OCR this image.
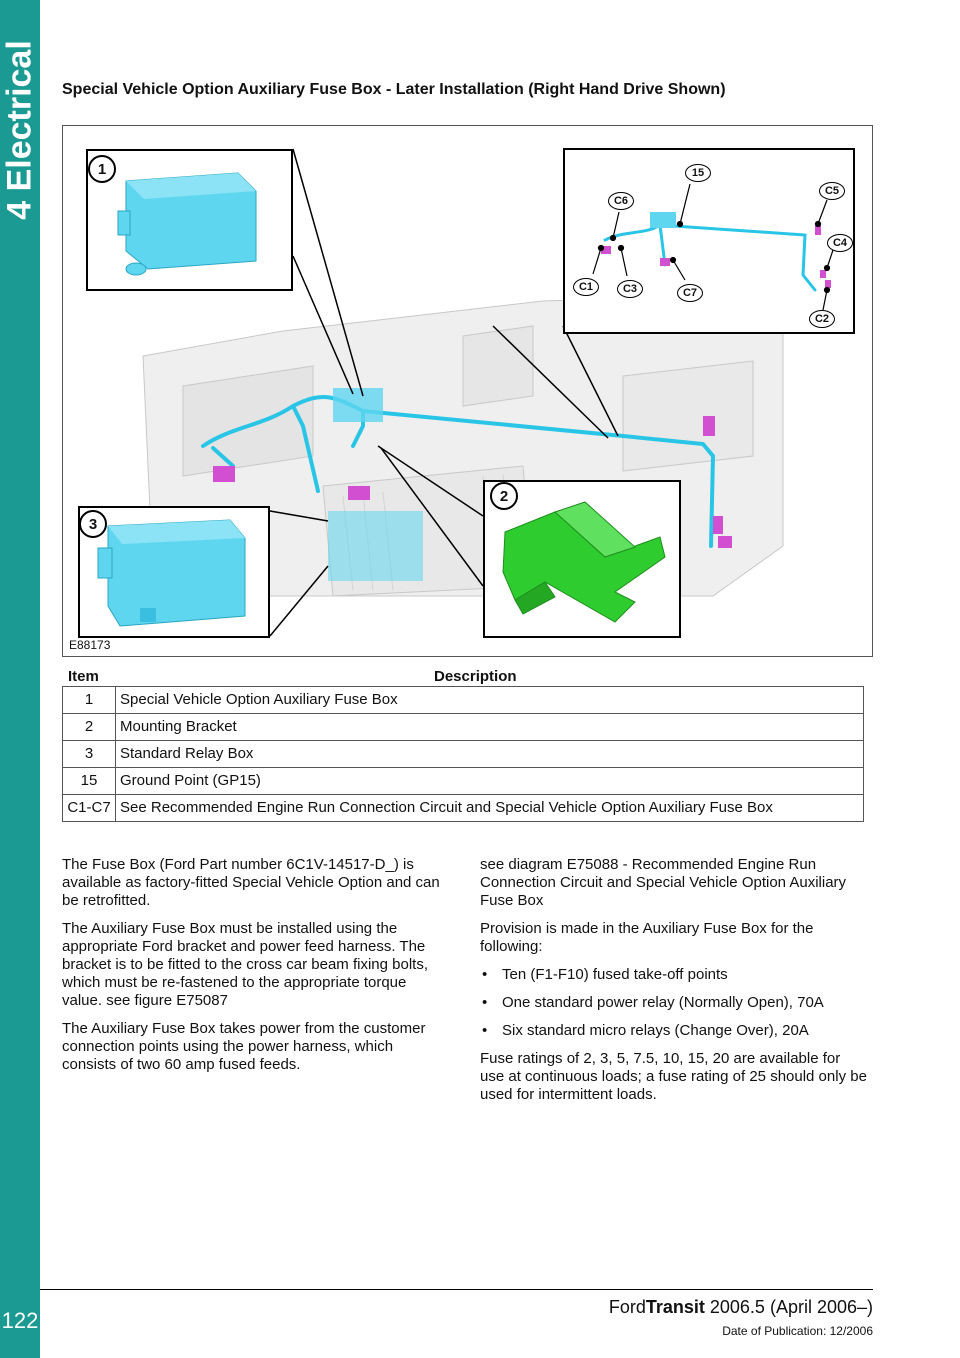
4 Electrical
122
Special Vehicle Option Auxiliary Fuse Box - Later Installation (Right Hand Drive Shown)
1	15
C6
C5
C4
C1	C3	C7
C2
2
3
E88173
Item	Description
1	Special Vehicle Option Auxiliary Fuse Box
2	Mounting Bracket
3	Standard Relay Box
15	Ground Point (GP15)
C1-C7	See Recommended Engine Run Connection Circuit and Special Vehicle Option Auxiliary Fuse Box

The Fuse Box (Ford Part number 6C1V-14517-D_) is available as factory-fitted Special Vehicle Option and can be retrofitted.

The Auxiliary Fuse Box must be installed using the appropriate Ford bracket and power feed harness. The bracket is to be fitted to the cross car beam fixing bolts, which must be re-fastened to the appropriate torque value. see figure E75087

The Auxiliary Fuse Box takes power from the customer connection points using the power harness, which consists of two 60 amp fused feeds.

see diagram E75088 - Recommended Engine Run Connection Circuit and Special Vehicle Option Auxiliary Fuse Box

Provision is made in the Auxiliary Fuse Box for the following:

• Ten (F1-F10) fused take-off points
• One standard power relay (Normally Open), 70A
• Six standard micro relays (Change Over), 20A

Fuse ratings of 2, 3, 5, 7.5, 10, 15, 20 are available for use at continuous loads; a fuse rating of 25 should only be used for intermittent loads.

FordTransit 2006.5 (April 2006–)
Date of Publication: 12/2006
